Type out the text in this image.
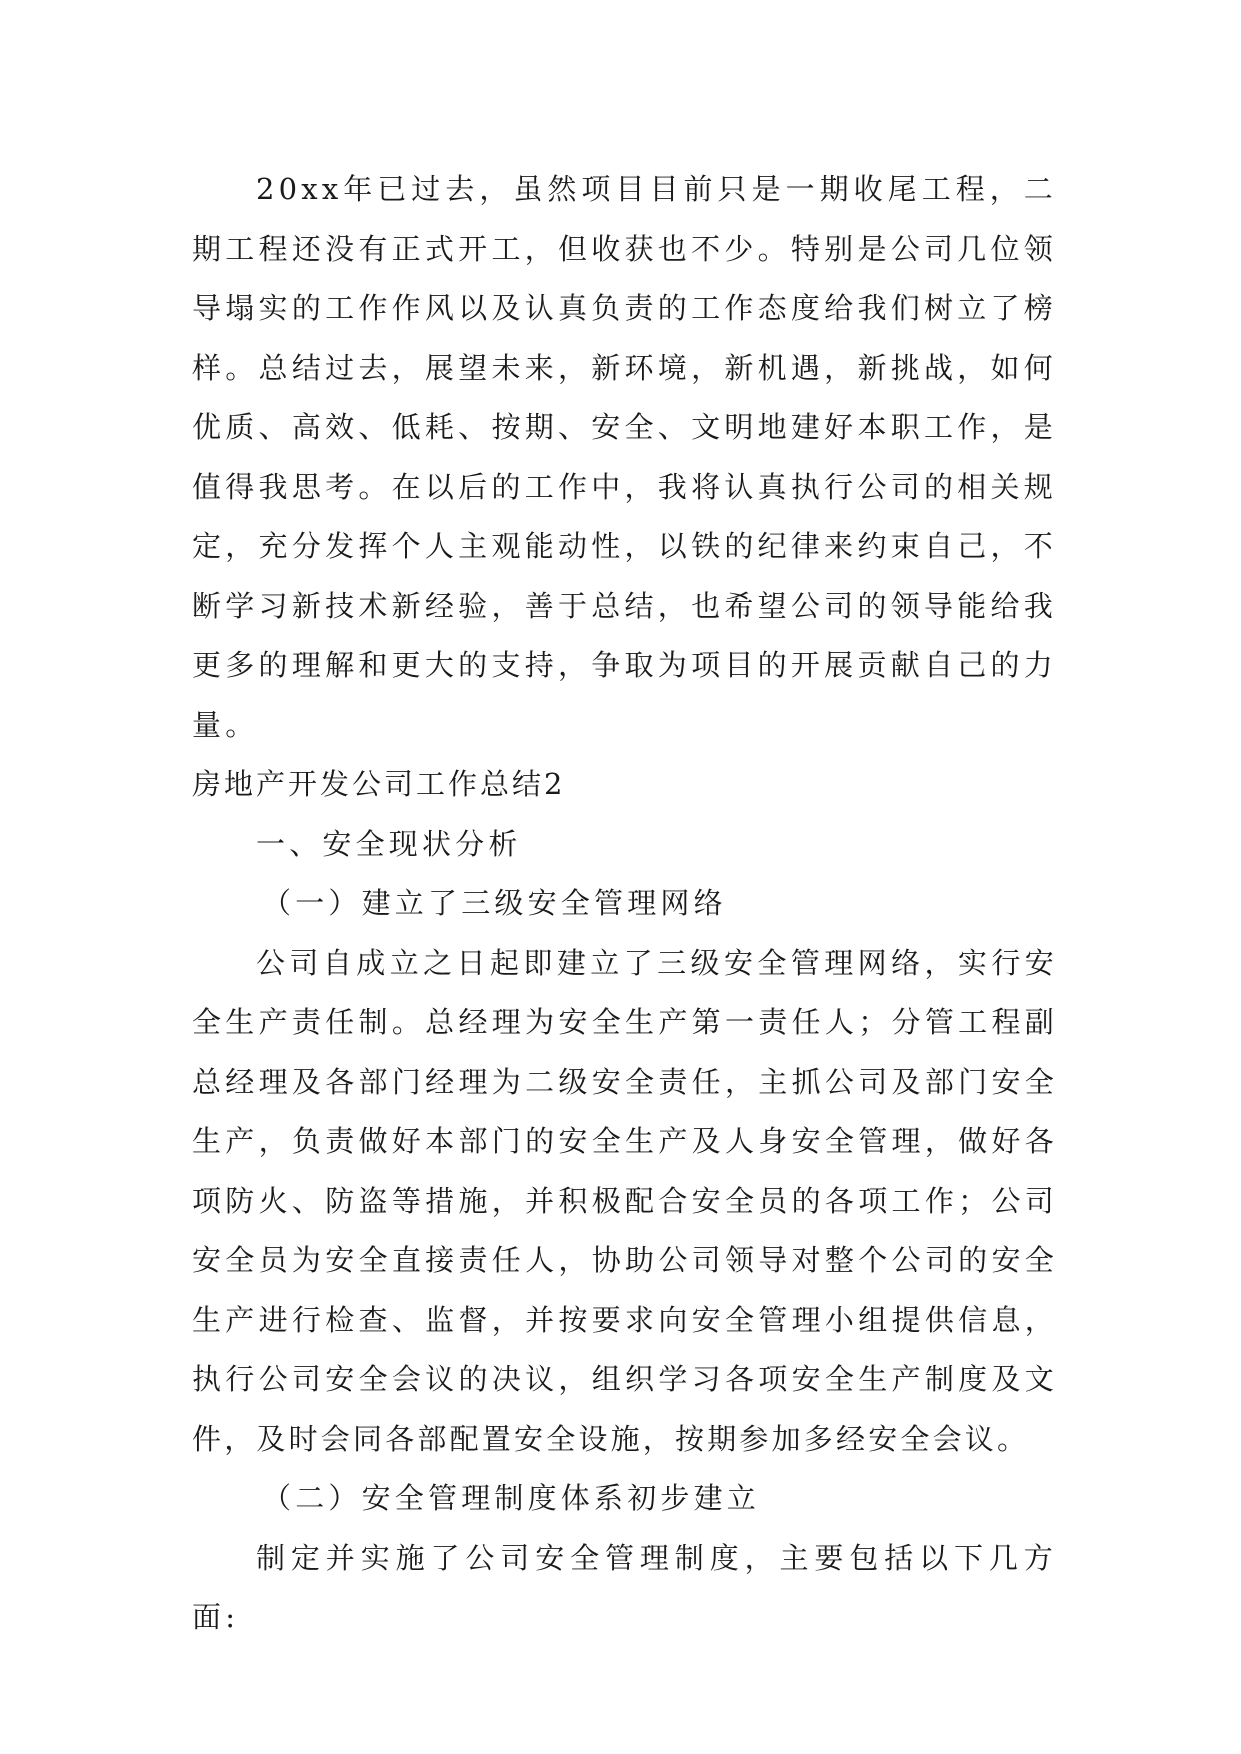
20xx年已过去，虽然项目目前只是一期收尾工程，二期工程还没有正式开工，但收获也不少。特别是公司几位领导塌实的工作作风以及认真负责的工作态度给我们树立了榜样。总结过去，展望未来，新环境，新机遇，新挑战，如何优质、高效、低耗、按期、安全、文明地建好本职工作，是值得我思考。在以后的工作中，我将认真执行公司的相关规定，充分发挥个人主观能动性，以铁的纪律来约束自己，不断学习新技术新经验，善于总结，也希望公司的领导能给我更多的理解和更大的支持，争取为项目的开展贡献自己的力量。

房地产开发公司工作总结2

一、安全现状分析

（一）建立了三级安全管理网络

公司自成立之日起即建立了三级安全管理网络，实行安全生产责任制。总经理为安全生产第一责任人；分管工程副总经理及各部门经理为二级安全责任，主抓公司及部门安全生产，负责做好本部门的安全生产及人身安全管理，做好各项防火、防盗等措施，并积极配合安全员的各项工作；公司安全员为安全直接责任人，协助公司领导对整个公司的安全生产进行检查、监督，并按要求向安全管理小组提供信息，执行公司安全会议的决议，组织学习各项安全生产制度及文件，及时会同各部配置安全设施，按期参加多经安全会议。

（二）安全管理制度体系初步建立

制定并实施了公司安全管理制度，主要包括以下几方面:
